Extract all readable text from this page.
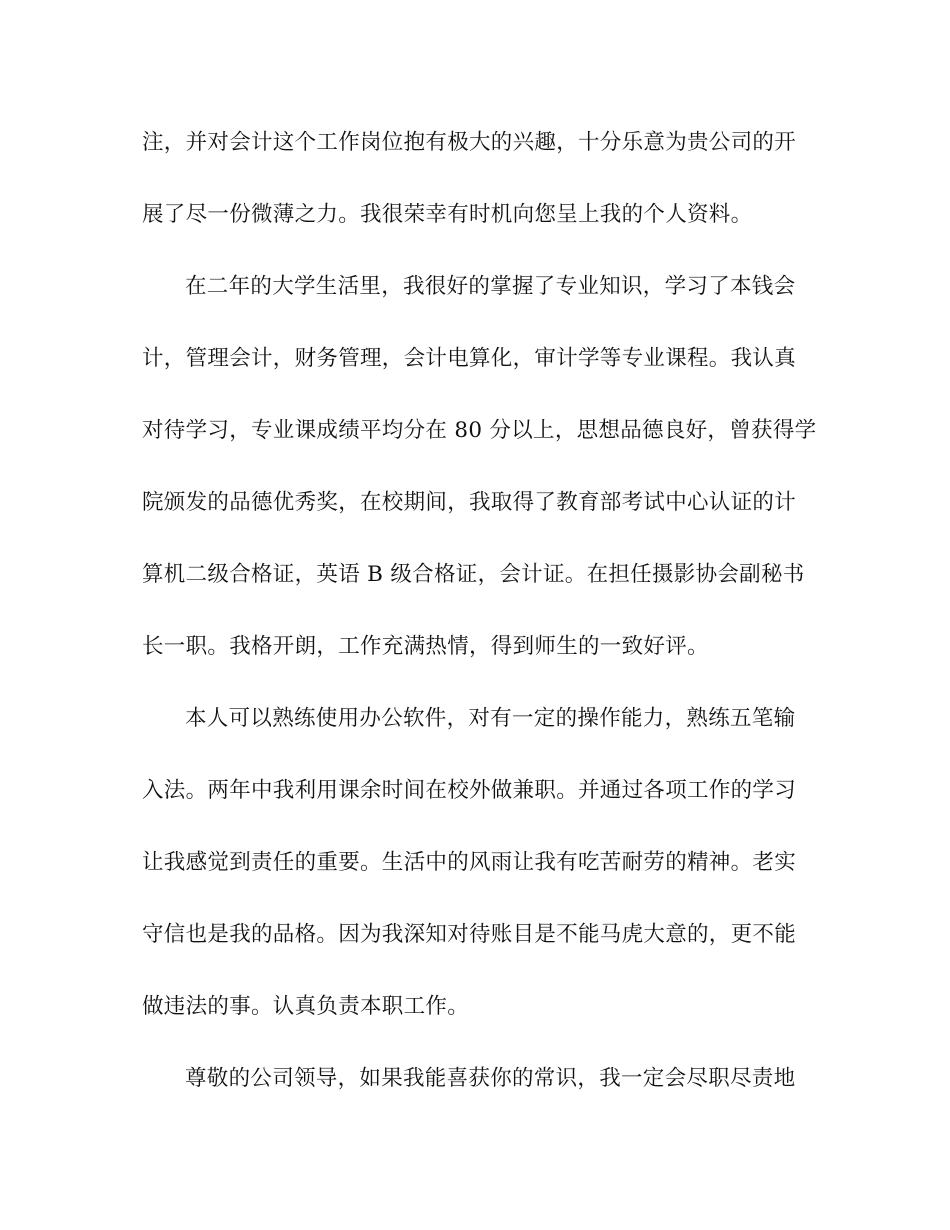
注，并对会计这个工作岗位抱有极大的兴趣，十分乐意为贵公司的开
展了尽一份微薄之力。我很荣幸有时机向您呈上我的个人资料。
在二年的大学生活里，我很好的掌握了专业知识，学习了本钱会
计，管理会计，财务管理，会计电算化，审计学等专业课程。我认真
对待学习，专业课成绩平均分在 80 分以上，思想品德良好，曾获得学
院颁发的品德优秀奖，在校期间，我取得了教育部考试中心认证的计
算机二级合格证，英语 B 级合格证，会计证。在担任摄影协会副秘书
长一职。我格开朗，工作充满热情，得到师生的一致好评。
本人可以熟练使用办公软件，对有一定的操作能力，熟练五笔输
入法。两年中我利用课余时间在校外做兼职。并通过各项工作的学习
让我感觉到责任的重要。生活中的风雨让我有吃苦耐劳的精神。老实
守信也是我的品格。因为我深知对待账目是不能马虎大意的，更不能
做违法的事。认真负责本职工作。
尊敬的公司领导，如果我能喜获你的常识，我一定会尽职尽责地
